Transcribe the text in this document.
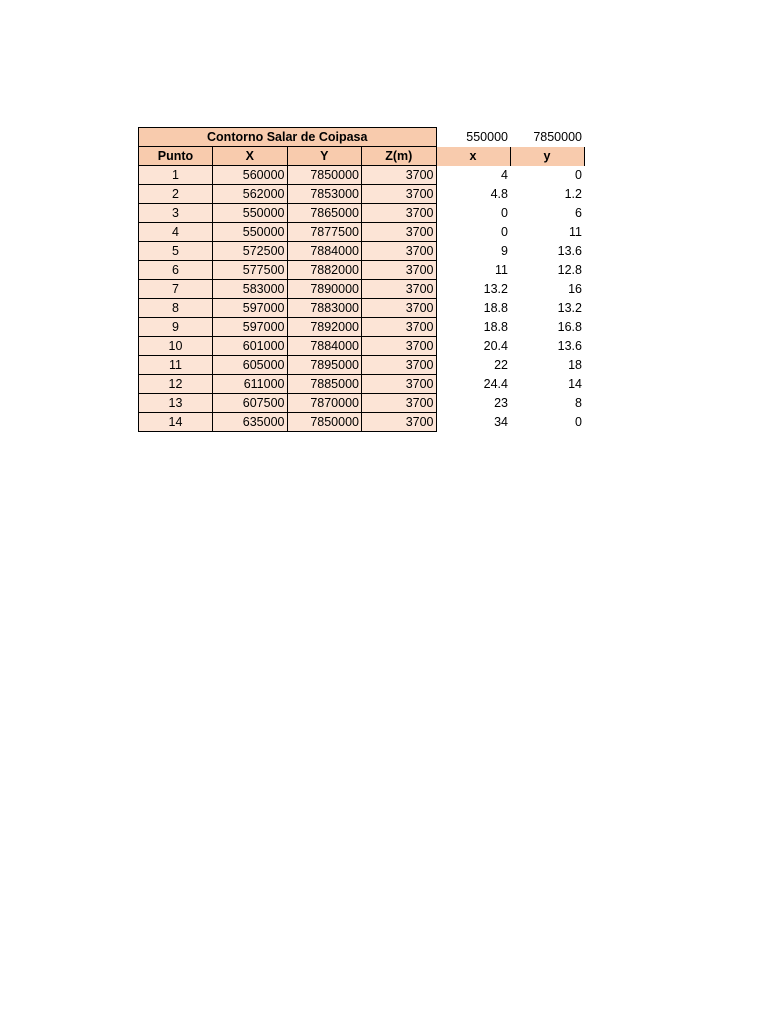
Contorno Salar de Coipasa				550000	7850000
Punto	X	Y	Z(m)	x	y
1	560000	7850000	3700	4	0
2	562000	7853000	3700	4.8	1.2
3	550000	7865000	3700	0	6
4	550000	7877500	3700	0	11
5	572500	7884000	3700	9	13.6
6	577500	7882000	3700	11	12.8
7	583000	7890000	3700	13.2	16
8	597000	7883000	3700	18.8	13.2
9	597000	7892000	3700	18.8	16.8
10	601000	7884000	3700	20.4	13.6
11	605000	7895000	3700	22	18
12	611000	7885000	3700	24.4	14
13	607500	7870000	3700	23	8
14	635000	7850000	3700	34	0
